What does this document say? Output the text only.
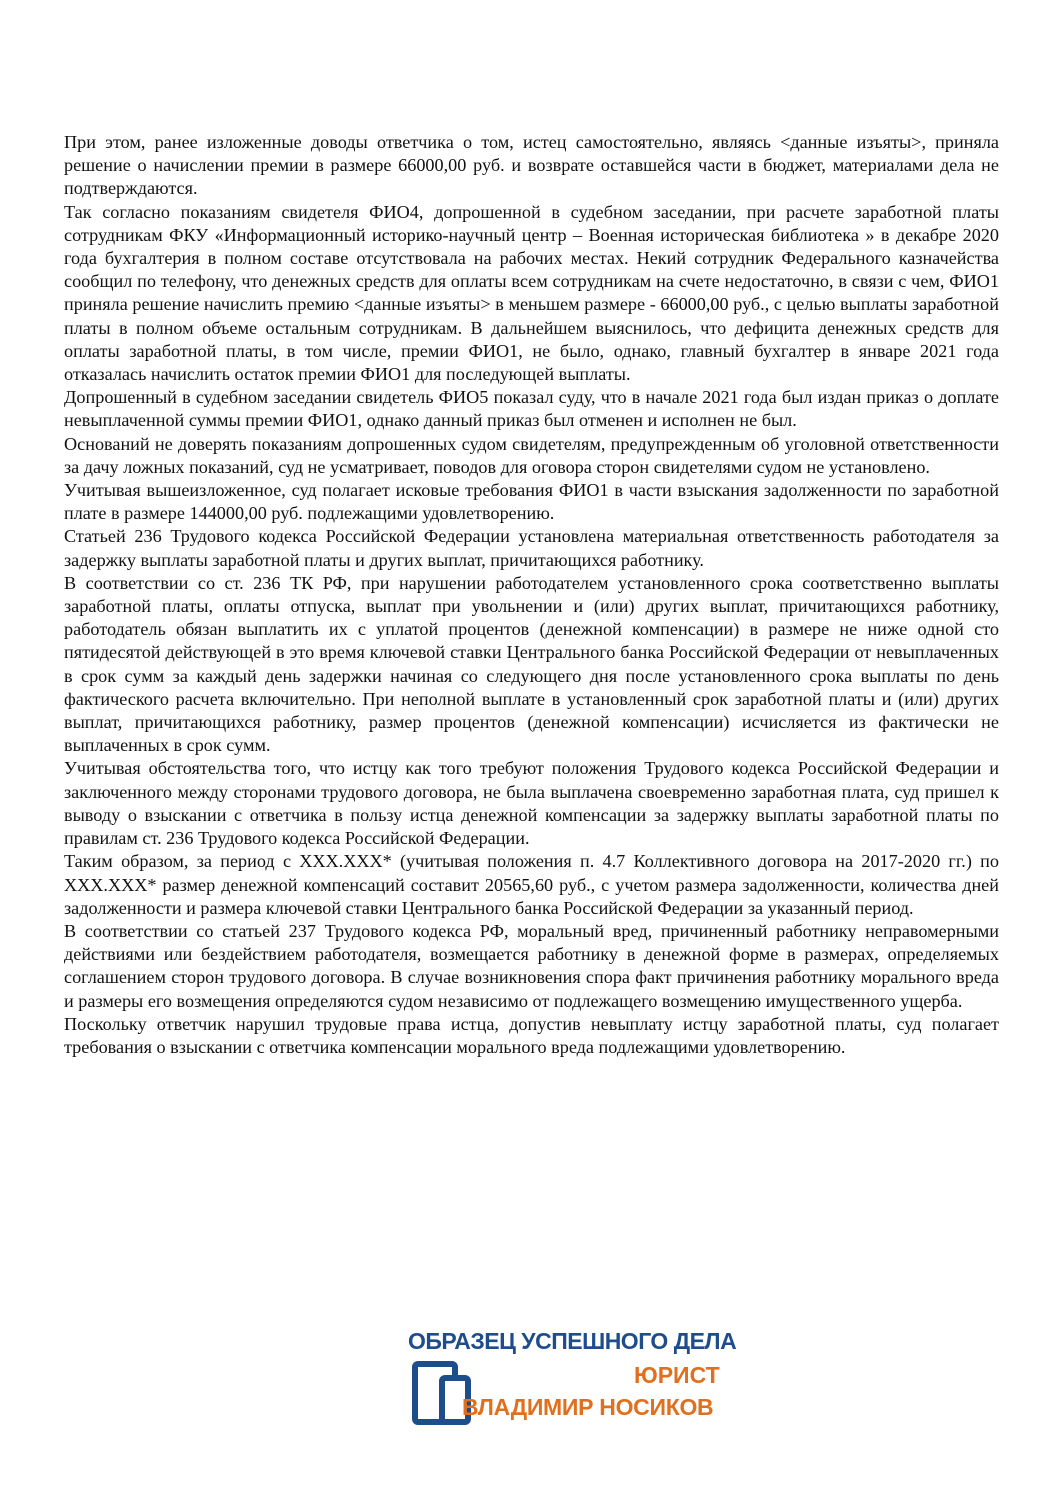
При этом, ранее изложенные доводы ответчика о том, истец самостоятельно, являясь <данные изъяты>, приняла решение о начислении премии в размере 66000,00 руб. и возврате оставшейся части в бюджет, материалами дела не подтверждаются.

Так согласно показаниям свидетеля ФИО4, допрошенной в судебном заседании, при расчете заработной платы сотрудникам ФКУ «Информационный историко-научный центр – Военная историческая библиотека » в декабре 2020 года бухгалтерия в полном составе отсутствовала на рабочих местах. Некий сотрудник Федерального казначейства сообщил по телефону, что денежных средств для оплаты всем сотрудникам на счете недостаточно, в связи с чем, ФИО1 приняла решение начислить премию <данные изъяты> в меньшем размере - 66000,00 руб., с целью выплаты заработной платы в полном объеме остальным сотрудникам. В дальнейшем выяснилось, что дефицита денежных средств для оплаты заработной платы, в том числе, премии ФИО1, не было, однако, главный бухгалтер в январе 2021 года отказалась начислить остаток премии ФИО1 для последующей выплаты.

Допрошенный в судебном заседании свидетель ФИО5 показал суду, что в начале 2021 года был издан приказ о доплате невыплаченной суммы премии ФИО1, однако данный приказ был отменен и исполнен не был.

Оснований не доверять показаниям допрошенных судом свидетелям, предупрежденным об уголовной ответственности за дачу ложных показаний, суд не усматривает, поводов для оговора сторон свидетелями судом не установлено.

Учитывая вышеизложенное, суд полагает исковые требования ФИО1 в части взыскания задолженности по заработной плате в размере 144000,00 руб. подлежащими удовлетворению.

Статьей 236 Трудового кодекса Российской Федерации установлена материальная ответственность работодателя за задержку выплаты заработной платы и других выплат, причитающихся работнику.

В соответствии со ст. 236 ТК РФ, при нарушении работодателем установленного срока соответственно выплаты заработной платы, оплаты отпуска, выплат при увольнении и (или) других выплат, причитающихся работнику, работодатель обязан выплатить их с уплатой процентов (денежной компенсации) в размере не ниже одной сто пятидесятой действующей в это время ключевой ставки Центрального банка Российской Федерации от невыплаченных в срок сумм за каждый день задержки начиная со следующего дня после установленного срока выплаты по день фактического расчета включительно. При неполной выплате в установленный срок заработной платы и (или) других выплат, причитающихся работнику, размер процентов (денежной компенсации) исчисляется из фактически не выплаченных в срок сумм.

Учитывая обстоятельства того, что истцу как того требуют положения Трудового кодекса Российской Федерации и заключенного между сторонами трудового договора, не была выплачена своевременно заработная плата, суд пришел к выводу о взыскании с ответчика в пользу истца денежной компенсации за задержку выплаты заработной платы по правилам ст. 236 Трудового кодекса Российской Федерации.

Таким образом, за период с XXX.XXX* (учитывая положения п. 4.7 Коллективного договора на 2017-2020 гг.) по XXX.XXX* размер денежной компенсаций составит 20565,60 руб., с учетом размера задолженности, количества дней задолженности и размера ключевой ставки Центрального банка Российской Федерации за указанный период.

В соответствии со статьей 237 Трудового кодекса РФ, моральный вред, причиненный работнику неправомерными действиями или бездействием работодателя, возмещается работнику в денежной форме в размерах, определяемых соглашением сторон трудового договора. В случае возникновения спора факт причинения работнику морального вреда и размеры его возмещения определяются судом независимо от подлежащего возмещению имущественного ущерба.

Поскольку ответчик нарушил трудовые права истца, допустив невыплату истцу заработной платы, суд полагает требования о взыскании с ответчика компенсации морального вреда подлежащими удовлетворению.

ОБРАЗЕЦ УСПЕШНОГО ДЕЛА
ЮРИСТ
ВЛАДИМИР НОСИКОВ
